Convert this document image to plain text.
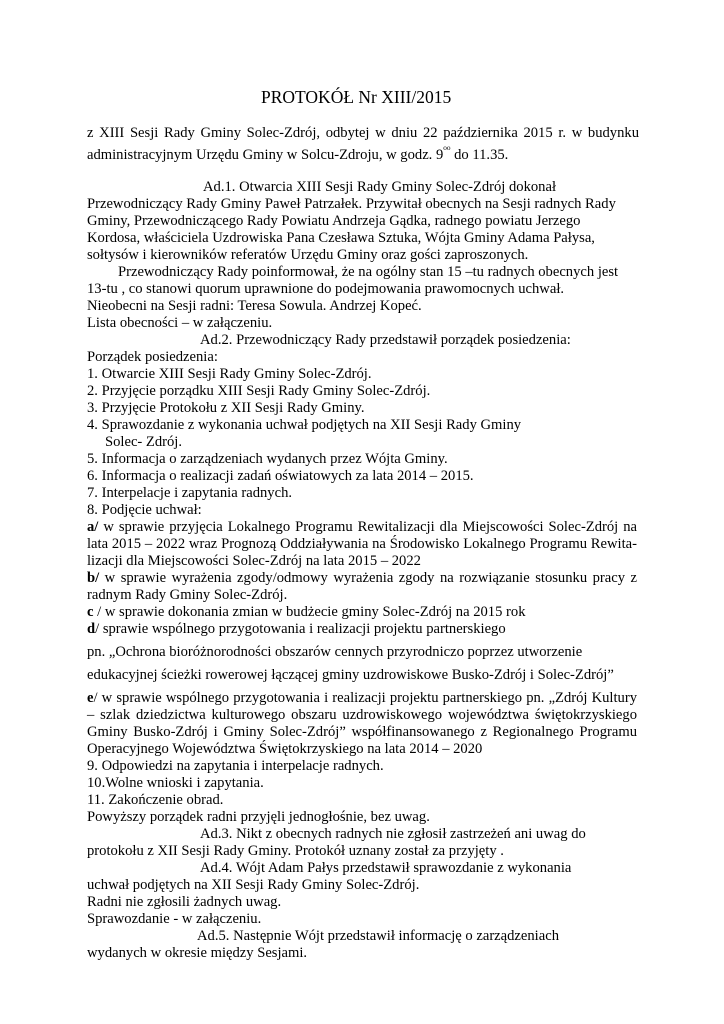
PROTOKÓŁ Nr XIII/2015
z XIII Sesji Rady Gminy Solec-Zdrój, odbytej w dniu 22 października 2015 r. w budynku
administracyjnym Urzędu Gminy w Solcu-Zdroju, w godz. $9^{^{00}}$ do 11.35.
Ad.1. Otwarcia XIII Sesji Rady Gminy Solec-Zdrój dokonał
Przewodniczący Rady Gminy Paweł Patrzałek. Przywitał obecnych na Sesji radnych Rady
Gminy, Przewodniczącego Rady Powiatu Andrzeja Gądka, radnego powiatu Jerzego
Kordosa, właściciela Uzdrowiska Pana Czesława Sztuka, Wójta Gminy Adama Pałysa,
sołtysów i kierowników referatów Urzędu Gminy oraz gości zaproszonych.
Przewodniczący Rady poinformował, że na ogólny stan 15 –tu radnych obecnych jest
13-tu , co stanowi quorum uprawnione do podejmowania prawomocnych uchwał.
Nieobecni na Sesji radni: Teresa Sowula. Andrzej Kopeć.
Lista obecności – w załączeniu.
Ad.2. Przewodniczący Rady przedstawił porządek posiedzenia:
Porządek posiedzenia:
1. Otwarcie XIII Sesji Rady Gminy Solec-Zdrój.
2. Przyjęcie porządku XIII Sesji Rady Gminy Solec-Zdrój.
3. Przyjęcie Protokołu z XII Sesji Rady Gminy.
4. Sprawozdanie z wykonania uchwał podjętych na XII Sesji Rady Gminy
Solec- Zdrój.
5. Informacja o zarządzeniach wydanych przez Wójta Gminy.
6. Informacja o realizacji zadań oświatowych za lata 2014 – 2015.
7. Interpelacje i zapytania radnych.
8. Podjęcie uchwał:
a/ w sprawie przyjęcia Lokalnego Programu Rewitalizacji dla Miejscowości Solec-Zdrój na
lata 2015 – 2022 wraz Prognozą Oddziaływania na Środowisko Lokalnego Programu Rewita-
lizacji dla Miejscowości Solec-Zdrój na lata 2015 – 2022
b/ w sprawie wyrażenia zgody/odmowy wyrażenia zgody na rozwiązanie stosunku pracy z
radnym Rady Gminy Solec-Zdrój.
c / w sprawie dokonania zmian w budżecie gminy Solec-Zdrój na 2015 rok
d/ sprawie wspólnego przygotowania i realizacji projektu partnerskiego
pn. „Ochrona bioróżnorodności obszarów cennych przyrodniczo poprzez utworzenie
edukacyjnej ścieżki rowerowej łączącej gminy uzdrowiskowe Busko-Zdrój i Solec-Zdrój”
e/ w sprawie wspólnego przygotowania i realizacji projektu partnerskiego pn. „Zdrój Kultury
– szlak dziedzictwa kulturowego obszaru uzdrowiskowego województwa świętokrzyskiego
Gminy Busko-Zdrój i Gminy Solec-Zdrój” współfinansowanego z Regionalnego Programu
Operacyjnego Województwa Świętokrzyskiego na lata 2014 – 2020
9. Odpowiedzi na zapytania i interpelacje radnych.
10.Wolne wnioski i zapytania.
11. Zakończenie obrad.
Powyższy porządek radni przyjęli jednogłośnie, bez uwag.
Ad.3. Nikt z obecnych radnych nie zgłosił zastrzeżeń ani uwag do
protokołu z XII Sesji Rady Gminy. Protokół uznany został za przyjęty .
Ad.4. Wójt Adam Pałys przedstawił sprawozdanie z wykonania
uchwał podjętych na XII Sesji Rady Gminy Solec-Zdrój.
Radni nie zgłosili żadnych uwag.
Sprawozdanie - w załączeniu.
Ad.5. Następnie Wójt przedstawił informację o zarządzeniach
wydanych w okresie między Sesjami.
